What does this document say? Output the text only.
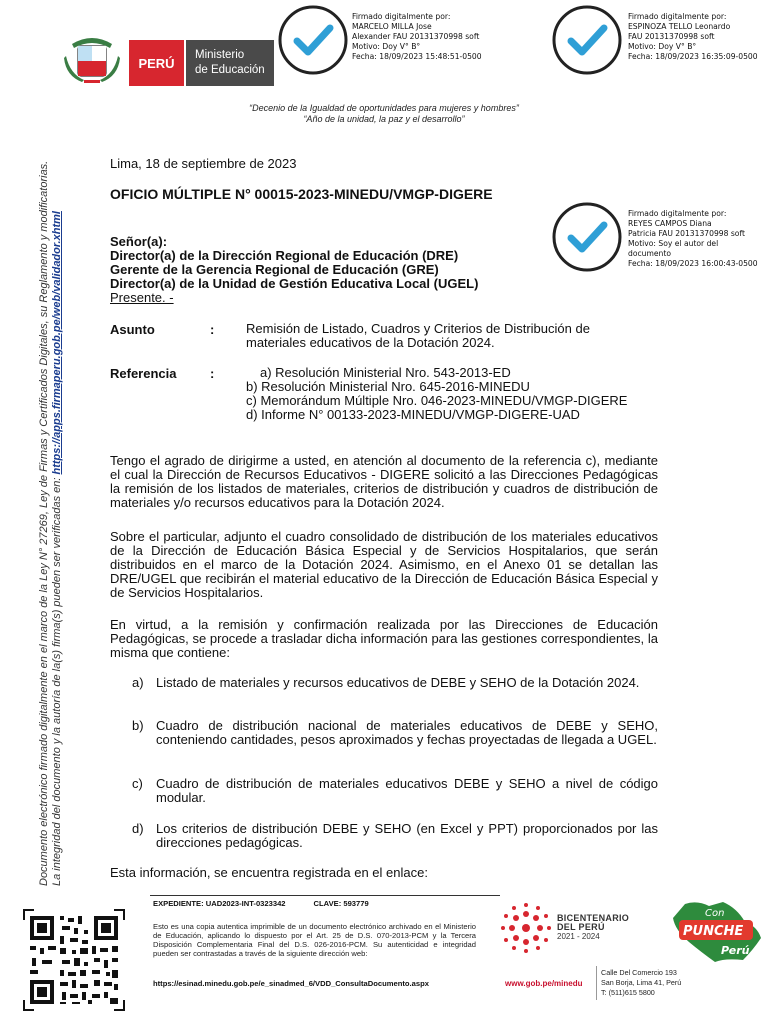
PERÚ
Ministerio
de Educación
Firmado digitalmente por:
MARCELO MILLA Jose
Alexander FAU 20131370998 soft
Motivo: Doy V° B°
Fecha: 18/09/2023 15:48:51-0500
Firmado digitalmente por:
ESPINOZA TELLO Leonardo
FAU 20131370998 soft
Motivo: Doy V° B°
Fecha: 18/09/2023 16:35:09-0500
Firmado digitalmente por:
REYES CAMPOS Diana
Patricia FAU 20131370998 soft
Motivo: Soy el autor del
documento
Fecha: 18/09/2023 16:00:43-0500
“Decenio de la Igualdad de oportunidades para mujeres y hombres”
“Año de la unidad, la paz y el desarrollo”
Documento electrónico firmado digitalmente en el marco de la Ley N° 27269, Ley de Firmas y Certificados Digitales, su Reglamento y modificatorias. La integridad del documento y la autoría de la(s) firma(s) pueden ser verificadas en: https://apps.firmaperu.gob.pe/web/validador.xhtml
Lima, 18 de septiembre de 2023
OFICIO MÚLTIPLE N° 00015-2023-MINEDU/VMGP-DIGERE
Señor(a):
Director(a) de la Dirección Regional de Educación (DRE)
Gerente de la Gerencia Regional de Educación (GRE)
Director(a) de la Unidad de Gestión Educativa Local (UGEL)
Presente. -
Asunto	: Remisión de Listado, Cuadros y Criterios de Distribución de materiales educativos de la Dotación 2024.
Referencia	:	a) Resolución Ministerial Nro. 543-2013-ED
b) Resolución Ministerial Nro. 645-2016-MINEDU
c) Memorándum Múltiple Nro. 046-2023-MINEDU/VMGP-DIGERE
d) Informe N° 00133-2023-MINEDU/VMGP-DIGERE-UAD
Tengo el agrado de dirigirme a usted, en atención al documento de la referencia c), mediante el cual la Dirección de Recursos Educativos - DIGERE solicitó a las Direcciones Pedagógicas la remisión de los listados de materiales, criterios de distribución y cuadros de distribución de materiales y/o recursos educativos para la Dotación 2024.
Sobre el particular, adjunto el cuadro consolidado de distribución de los materiales educativos de la Dirección de Educación Básica Especial y de Servicios Hospitalarios, que serán distribuidos en el marco de la Dotación 2024. Asimismo, en el Anexo 01 se detallan las DRE/UGEL que recibirán el material educativo de la Dirección de Educación Básica Especial y de Servicios Hospitalarios.
En virtud, a la remisión y confirmación realizada por las Direcciones de Educación Pedagógicas, se procede a trasladar dicha información para las gestiones correspondientes, la misma que contiene:
a) Listado de materiales y recursos educativos de DEBE y SEHO de la Dotación 2024.
b) Cuadro de distribución nacional de materiales educativos de DEBE y SEHO, conteniendo cantidades, pesos aproximados y fechas proyectadas de llegada a UGEL.
c)	Cuadro de distribución de materiales educativos DEBE y SEHO a nivel de código modular.
d) Los criterios de distribución DEBE y SEHO (en Excel y PPT) proporcionados por las direcciones pedagógicas.
Esta información, se encuentra registrada en el enlace:
EXPEDIENTE: UAD2023-INT-0323342	CLAVE: 593779
Esto es una copia autentica imprimible de un documento electrónico archivado en el Ministerio de Educación, aplicando lo dispuesto por el Art. 25 de D.S. 070-2013-PCM y la Tercera Disposición Complementaria Final del D.S. 026-2016-PCM. Su autenticidad e integridad pueden ser contrastadas a través de la siguiente dirección web:
https://esinad.minedu.gob.pe/e_sinadmed_6/VDD_ConsultaDocumento.aspx
BICENTENARIO
DEL PERÚ
2021 - 2024
Con
PUNCHE
Perú
www.gob.pe/minedu
Calle Del Comercio 193
San Borja, Lima 41, Perú
T: (511)615 5800
